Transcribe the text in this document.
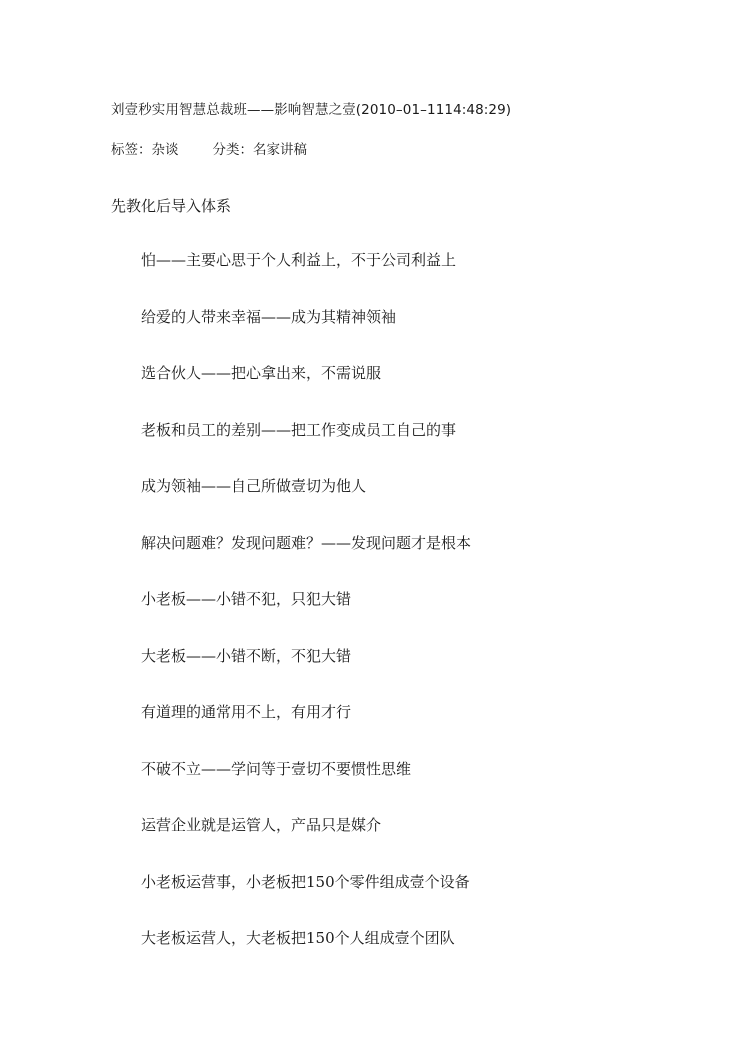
刘壹秒实用智慧总裁班——影响智慧之壹(2010–01–1114:48:29)
标签：杂谈	分类：名家讲稿
先教化后导入体系
怕——主要心思于个人利益上，不于公司利益上
给爱的人带来幸福——成为其精神领袖
选合伙人——把心拿出来，不需说服
老板和员工的差别——把工作变成员工自己的事
成为领袖——自己所做壹切为他人
解决问题难？发现问题难？——发现问题才是根本
小老板——小错不犯，只犯大错
大老板——小错不断，不犯大错
有道理的通常用不上，有用才行
不破不立——学问等于壹切不要惯性思维
运营企业就是运管人，产品只是媒介
小老板运营事，小老板把150个零件组成壹个设备
大老板运营人，大老板把150个人组成壹个团队
